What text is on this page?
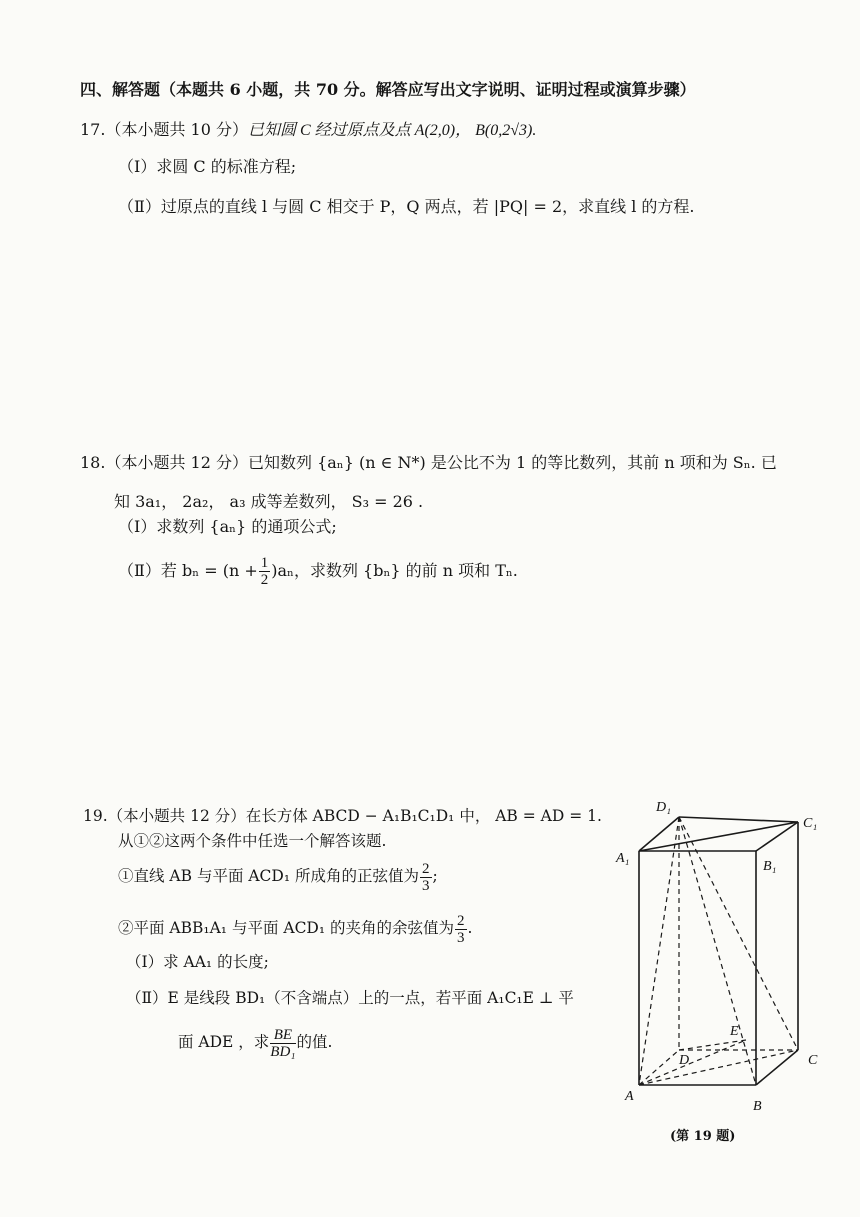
四、解答题（本题共 6 小题，共 70 分。解答应写出文字说明、证明过程或演算步骤）
17.（本小题共 10 分）已知圆 C 经过原点及点 A(2,0)， B(0,2√3).
（Ⅰ）求圆 C 的标准方程;
（Ⅱ）过原点的直线 l 与圆 C 相交于 P，Q 两点，若 |PQ| = 2，求直线 l 的方程.
18.（本小题共 12 分）已知数列 {aₙ} (n ∈ N*) 是公比不为 1 的等比数列，其前 n 项和为 Sₙ. 已
知 3a₁， 2a₂， a₃ 成等差数列， S₃ = 26 .
（Ⅰ）求数列 {aₙ} 的通项公式;
（Ⅱ）若 $b_n = (n + \frac{1}{2} )a_n$，求数列 {bₙ} 的前 n 项和 Tₙ.
19.（本小题共 12 分）在长方体 ABCD − A₁B₁C₁D₁ 中， AB = AD = 1.
从①②这两个条件中任选一个解答该题.
①直线 AB 与平面 ACD₁ 所成角的正弦值为 $\frac{2}{3}$ ;
②平面 ABB₁A₁ 与平面 ACD₁ 的夹角的余弦值为 $\frac{2}{3}$ .
（Ⅰ）求 AA₁ 的长度;
（Ⅱ）E 是线段 BD₁（不含端点）上的一点，若平面 A₁C₁E ⊥ 平
面 ADE ，求 $\frac{BE}{\text{BD₁}}$ 的值.
D₁
C₁
A₁
B₁
E
D	C
A
B
(第 19 题)
